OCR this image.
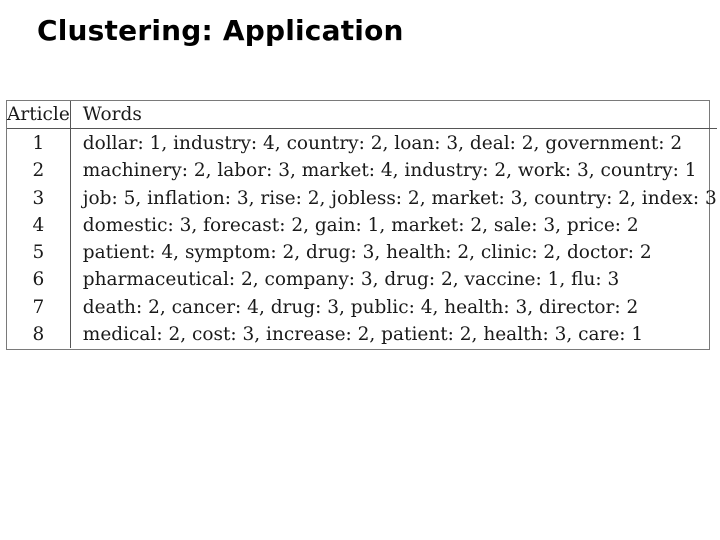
Clustering: Application
Article	Words
1	dollar: 1, industry: 4, country: 2, loan: 3, deal: 2, government: 2
2	machinery: 2, labor: 3, market: 4, industry: 2, work: 3, country: 1
3	job: 5, inflation: 3, rise: 2, jobless: 2, market: 3, country: 2, index: 3
4	domestic: 3, forecast: 2, gain: 1, market: 2, sale: 3, price: 2
5	patient: 4, symptom: 2, drug: 3, health: 2, clinic: 2, doctor: 2
6	pharmaceutical: 2, company: 3, drug: 2, vaccine: 1, flu: 3
7	death: 2, cancer: 4, drug: 3, public: 4, health: 3, director: 2
8	medical: 2, cost: 3, increase: 2, patient: 2, health: 3, care: 1
